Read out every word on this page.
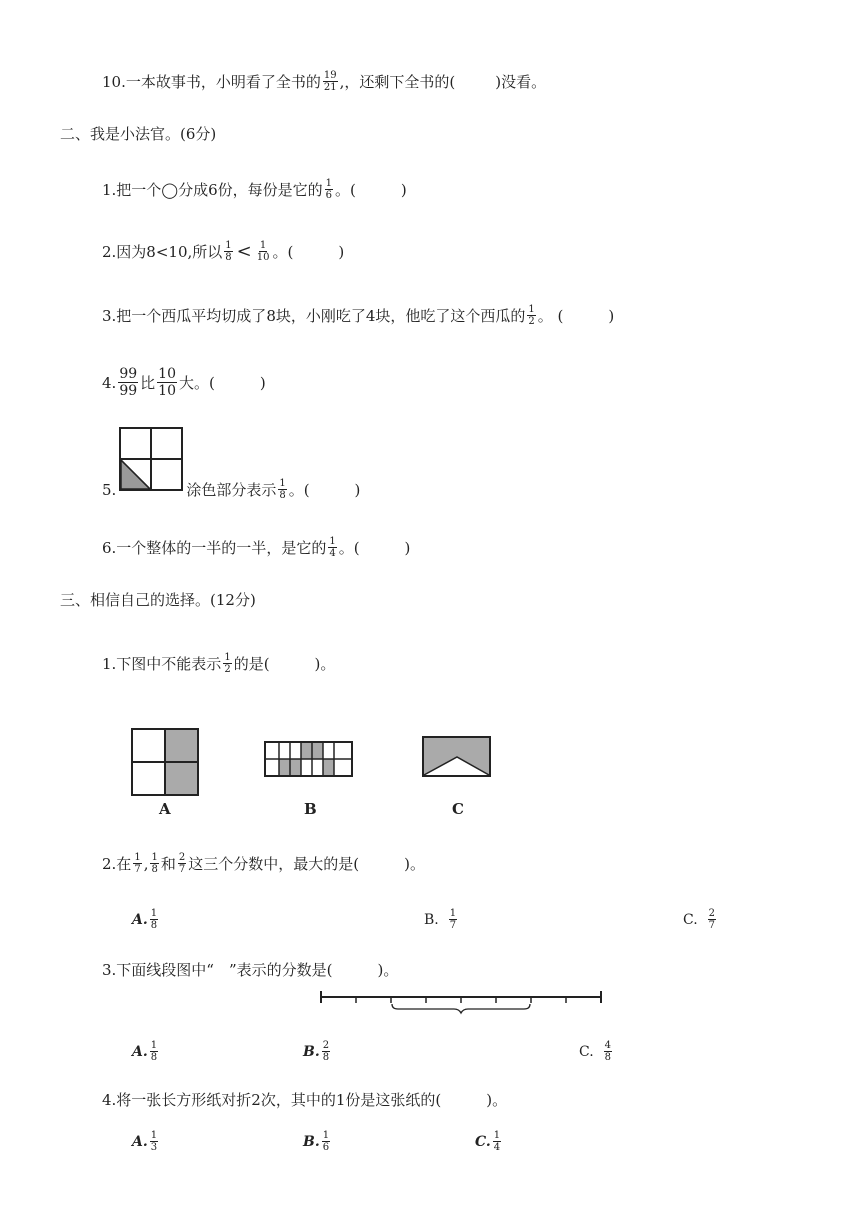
10.一本故事书，小明看了全书的 $\frac{19}{21}$ ,，还剩下全书的(	)没看。
二、我是小法官。(6分)
1.把一个◯分成6份，每份是它的 $\frac{1}{6}$ 。(　　　)
2.因为8<10,所以 $\frac{1}{8} < \frac{1}{10}$ 。(　　　)
3.把一个西瓜平均切成了8块，小刚吃了4块，他吃了这个西瓜的 $\frac{1}{2}$ 。 (　　　)
4. $\frac{99}{99}$ 比 $\frac{10}{10}$ 大。(　　　)
5.	涂色部分表示 $\frac{1}{8}$ 。(　　　)
6.一个整体的一半的一半，是它的 $\frac{1}{4}$ 。(　　　)
三、相信自己的选择。(12分)
1.下图中不能表示 $\frac{1}{2}$ 的是(　　　)。
A	B	C
2.在 $\frac{1}{7}$ , $\frac{1}{8}$ 和 $\frac{2}{7}$ 这三个分数中，最大的是(　　　)。
A. $\frac{1}{8}$	B. $\frac{1}{7}$	C. $\frac{2}{7}$
3.下面线段图中“　”表示的分数是(　　　)。
A. $\frac{1}{8}$	B. $\frac{2}{8}$	C. $\frac{4}{8}$
4.将一张长方形纸对折2次，其中的1份是这张纸的(　　　)。
A. $\frac{1}{3}$	B. $\frac{1}{6}$	C. $\frac{1}{4}$
